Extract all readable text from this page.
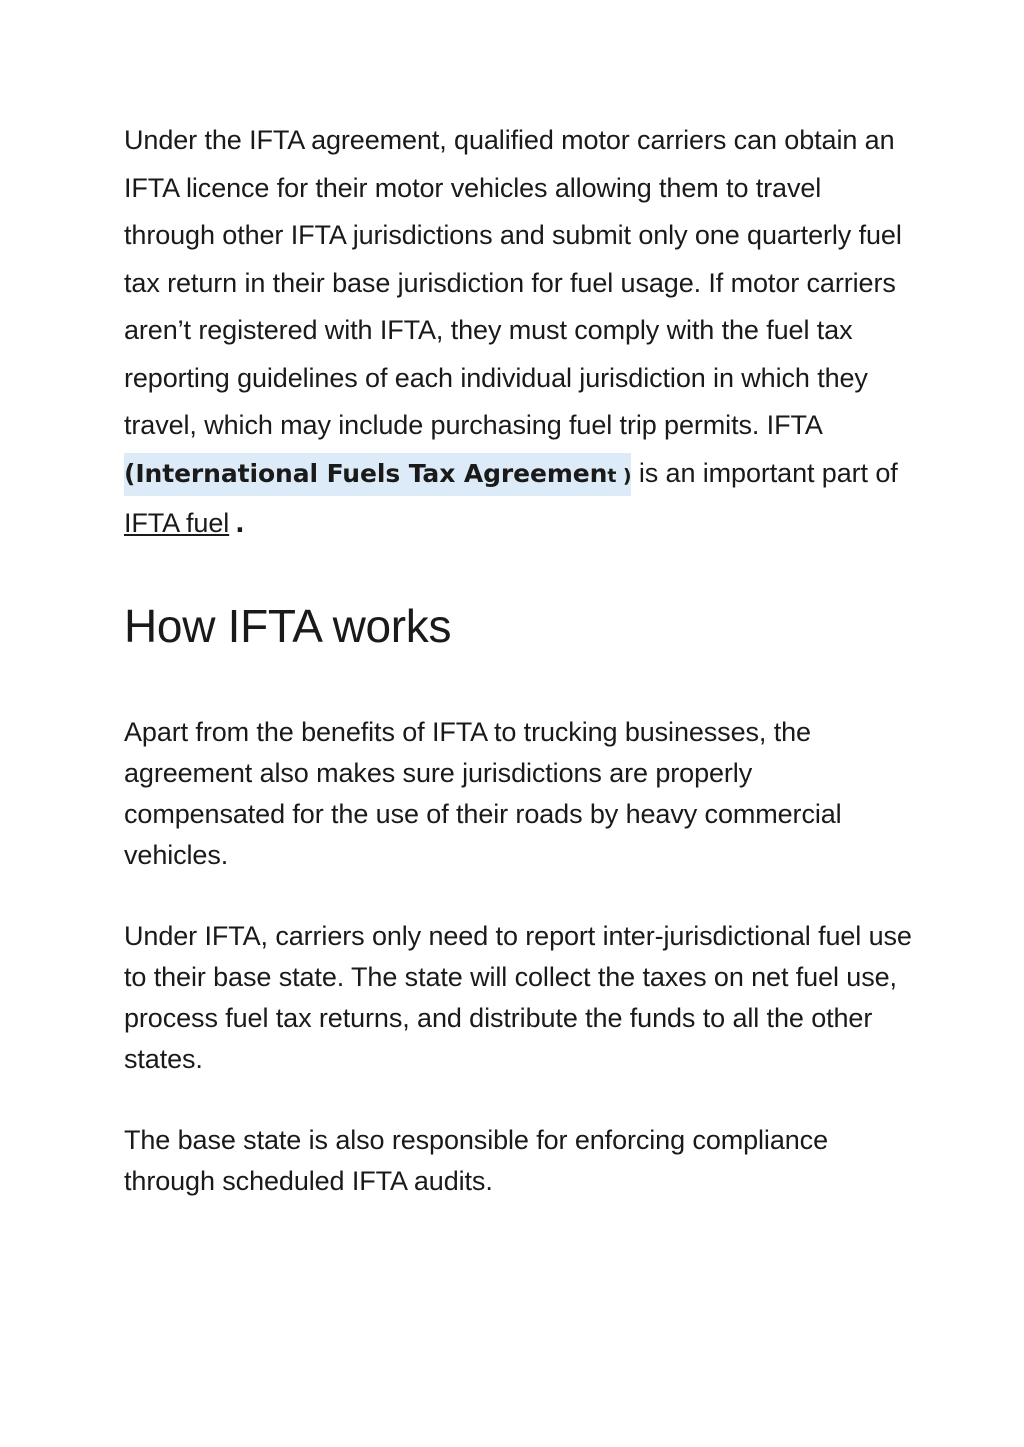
Under the IFTA agreement, qualified motor carriers can obtain an IFTA licence for their motor vehicles allowing them to travel through other IFTA jurisdictions and submit only one quarterly fuel tax return in their base jurisdiction for fuel usage. If motor carriers aren’t registered with IFTA, they must comply with the fuel tax reporting guidelines of each individual jurisdiction in which they travel, which may include purchasing fuel trip permits. IFTA (International Fuels Tax Agreement ) is an important part of IFTA fuel .

How IFTA works

Apart from the benefits of IFTA to trucking businesses, the agreement also makes sure jurisdictions are properly compensated for the use of their roads by heavy commercial vehicles.

Under IFTA, carriers only need to report inter-jurisdictional fuel use to their base state. The state will collect the taxes on net fuel use, process fuel tax returns, and distribute the funds to all the other states.

The base state is also responsible for enforcing compliance through scheduled IFTA audits.
